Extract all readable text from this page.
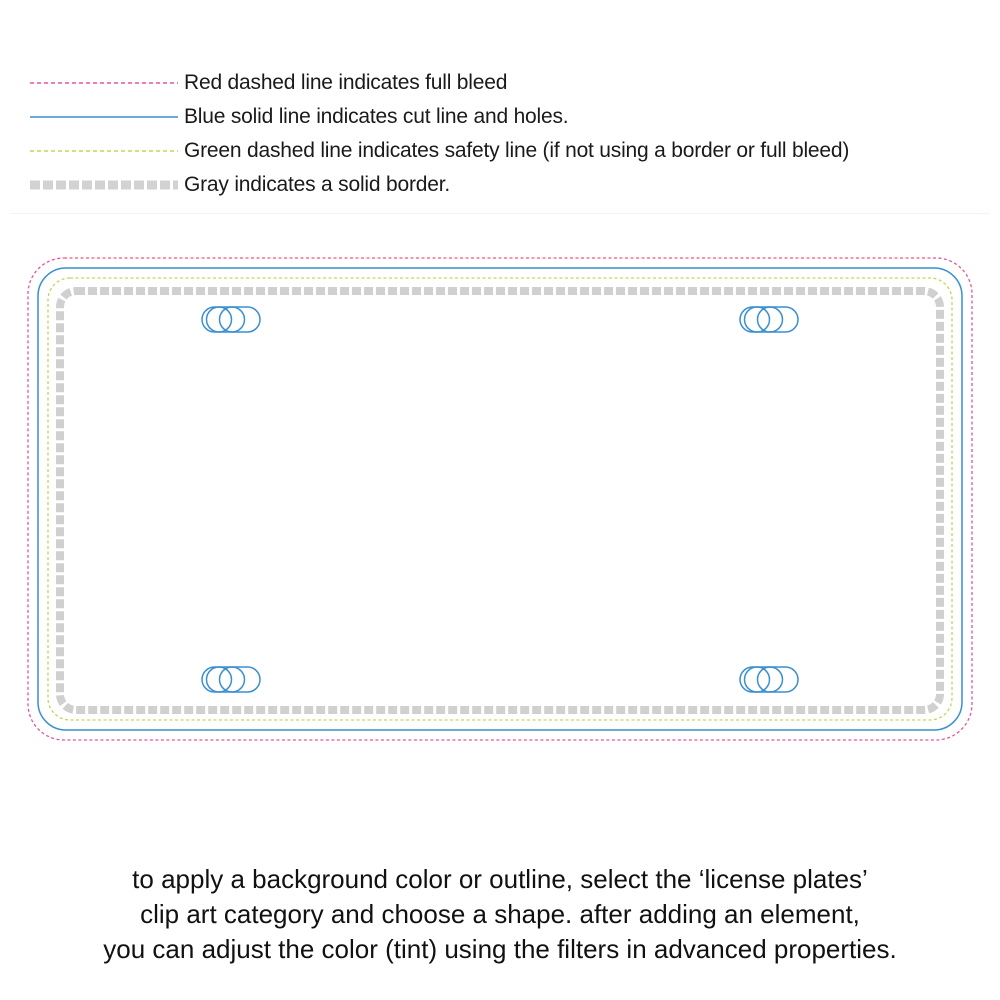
Red dashed line indicates full bleed
Blue solid line indicates cut line and holes.
Green dashed line indicates safety line (if not using a border or full bleed)
Gray indicates a solid border.
to apply a background color or outline, select the ‘license plates’
clip art category and choose a shape. after adding an element,
you can adjust the color (tint) using the filters in advanced properties.
